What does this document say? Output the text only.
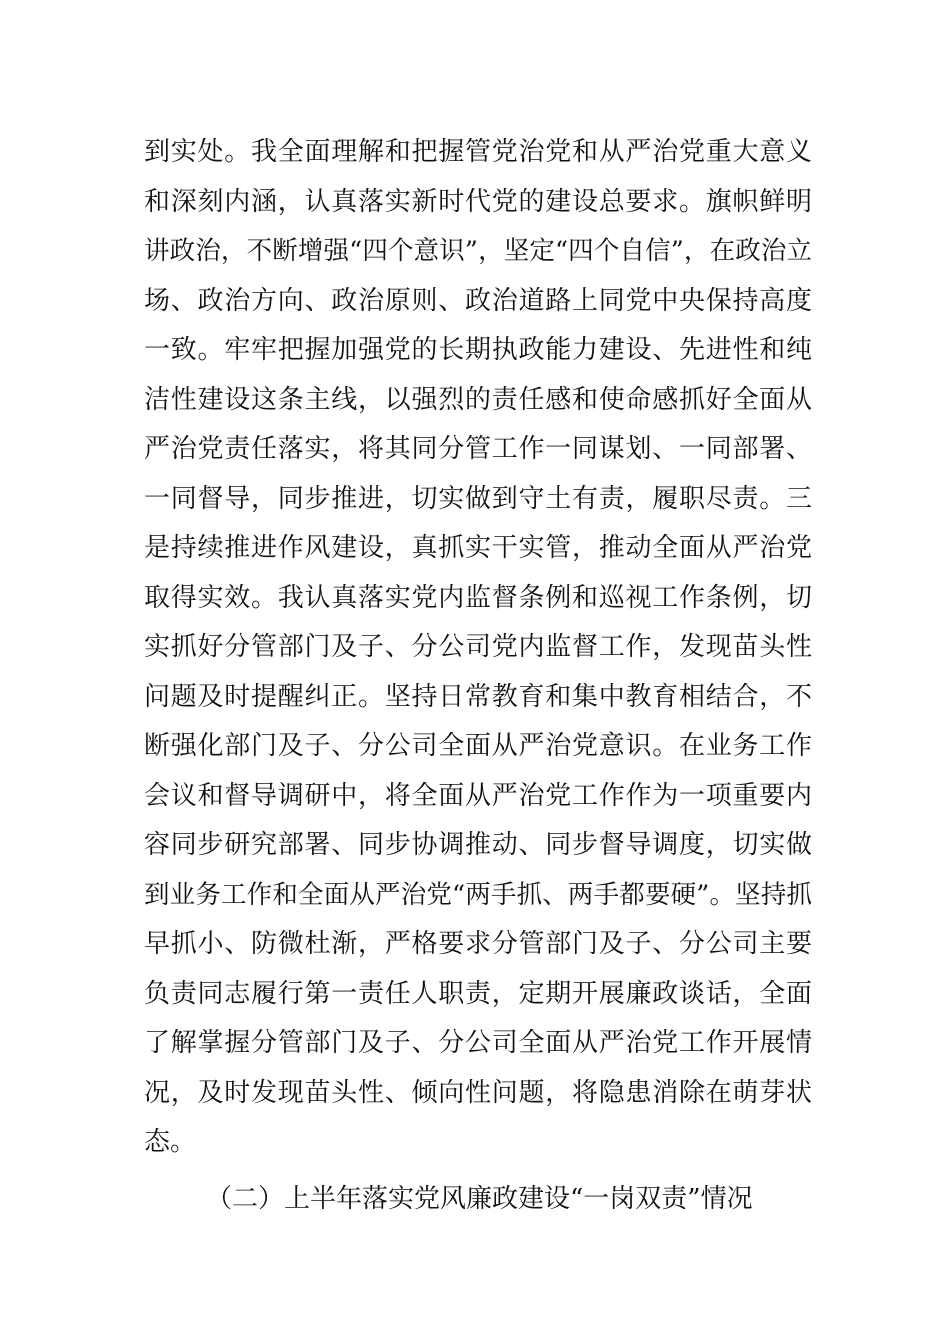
到实处。我全面理解和把握管党治党和从严治党重大意义
和深刻内涵，认真落实新时代党的建设总要求。旗帜鲜明
讲政治，不断增强“四个意识”，坚定“四个自信”，在政治立
场、政治方向、政治原则、政治道路上同党中央保持高度
一致。牢牢把握加强党的长期执政能力建设、先进性和纯
洁性建设这条主线，以强烈的责任感和使命感抓好全面从
严治党责任落实，将其同分管工作一同谋划、一同部署、
一同督导，同步推进，切实做到守土有责，履职尽责。三
是持续推进作风建设，真抓实干实管，推动全面从严治党
取得实效。我认真落实党内监督条例和巡视工作条例，切
实抓好分管部门及子、分公司党内监督工作，发现苗头性
问题及时提醒纠正。坚持日常教育和集中教育相结合，不
断强化部门及子、分公司全面从严治党意识。在业务工作
会议和督导调研中，将全面从严治党工作作为一项重要内
容同步研究部署、同步协调推动、同步督导调度，切实做
到业务工作和全面从严治党“两手抓、两手都要硬”。坚持抓
早抓小、防微杜渐，严格要求分管部门及子、分公司主要
负责同志履行第一责任人职责，定期开展廉政谈话，全面
了解掌握分管部门及子、分公司全面从严治党工作开展情
况，及时发现苗头性、倾向性问题，将隐患消除在萌芽状
态。
（二）上半年落实党风廉政建设“一岗双责”情况
